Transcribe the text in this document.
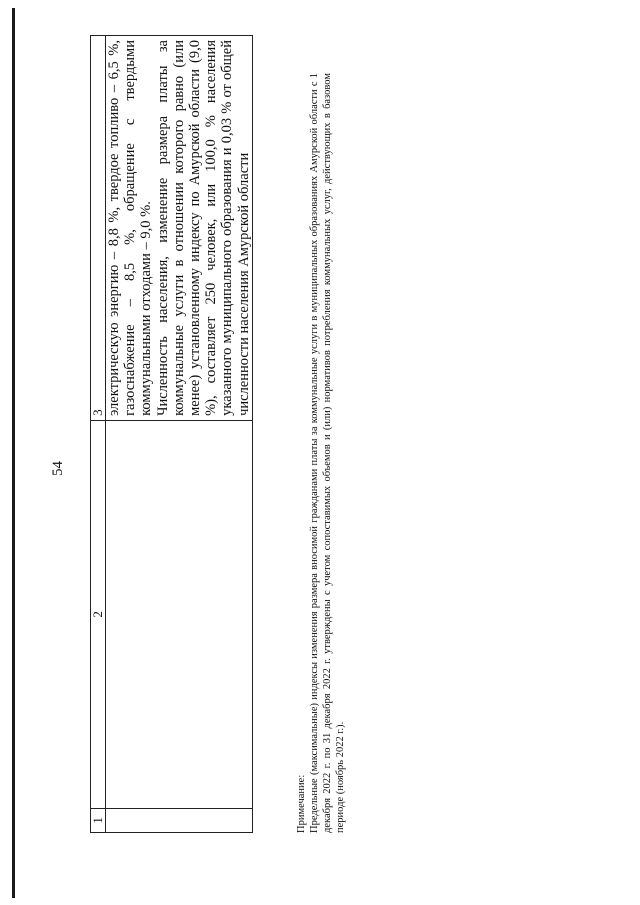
54
1	2	3

		электрическую энергию – 8,8 %, твердое топливо – 6,5 %, газоснабжение – 8,5 %, обращение с твердыми коммунальными отходами – 9,0 %. Численность населения, изменение размера платы за коммунальные услуги в отношении которого равно (или менее) установленному индексу по Амурской области (9,0 %), составляет 250 человек, или 100,0 % населения указанного муниципального образования и 0,03 % от общей численности населения Амурской области
Примечание: Предельные (максимальные) индексы изменения размера вносимой гражданами платы за коммунальные услуги в муниципальных образованиях Амурской области с 1 декабря 2022 г. по 31 декабря 2022 г. утверждены с учетом сопоставимых объемов и (или) нормативов потребления коммунальных услуг, действующих в базовом периоде (ноябрь 2022 г.).
